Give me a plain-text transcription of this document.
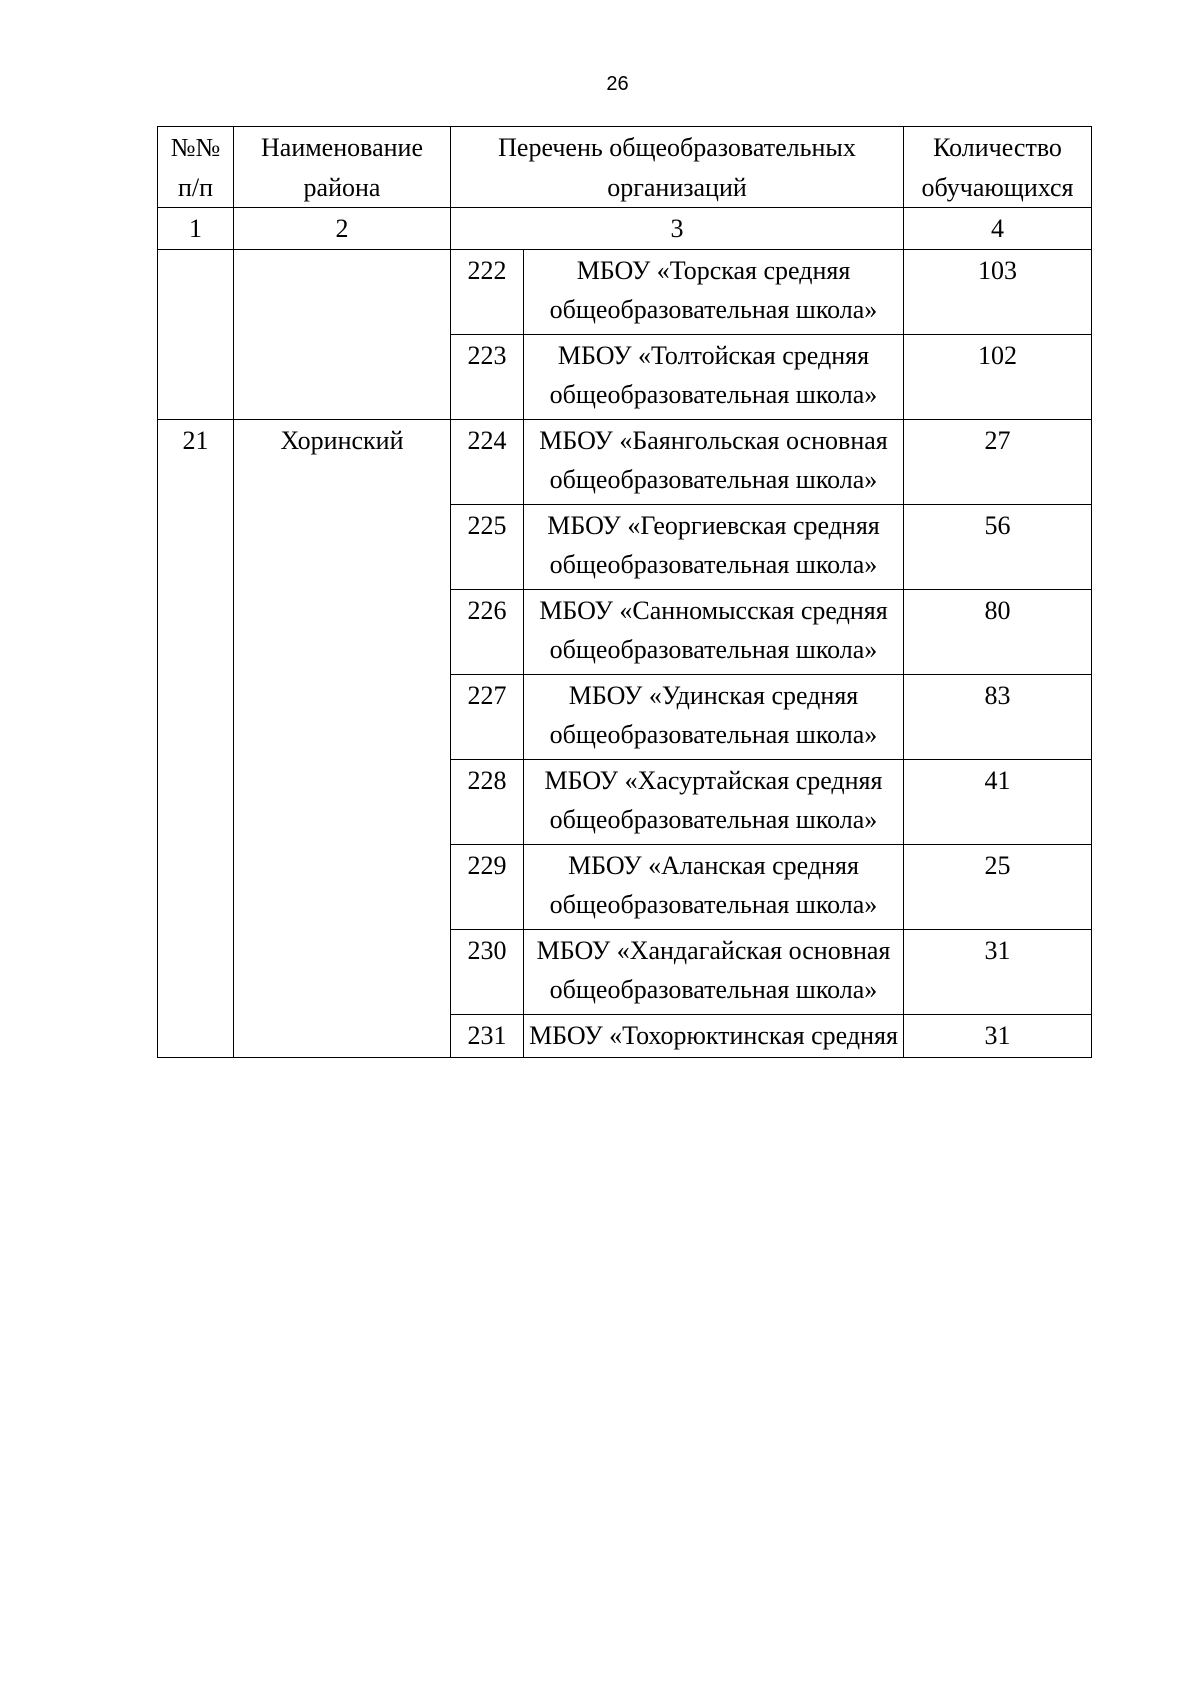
26
№№ п/п	Наименование района	Перечень общеобразовательных организаций		Количество обучающихся
1	2	3		4
		222	МБОУ «Торская средняя общеобразовательная школа»	103
		223	МБОУ «Толтойская средняя общеобразовательная школа»	102
21	Хоринский	224	МБОУ «Баянгольская основная общеобразовательная школа»	27
		225	МБОУ «Георгиевская средняя общеобразовательная школа»	56
		226	МБОУ «Санномысская средняя общеобразовательная школа»	80
		227	МБОУ «Удинская средняя общеобразовательная школа»	83
		228	МБОУ «Хасуртайская средняя общеобразовательная школа»	41
		229	МБОУ «Аланская средняя общеобразовательная школа»	25
		230	МБОУ «Хандагайская основная общеобразовательная школа»	31
		231	МБОУ «Тохорюктинская средняя	31
